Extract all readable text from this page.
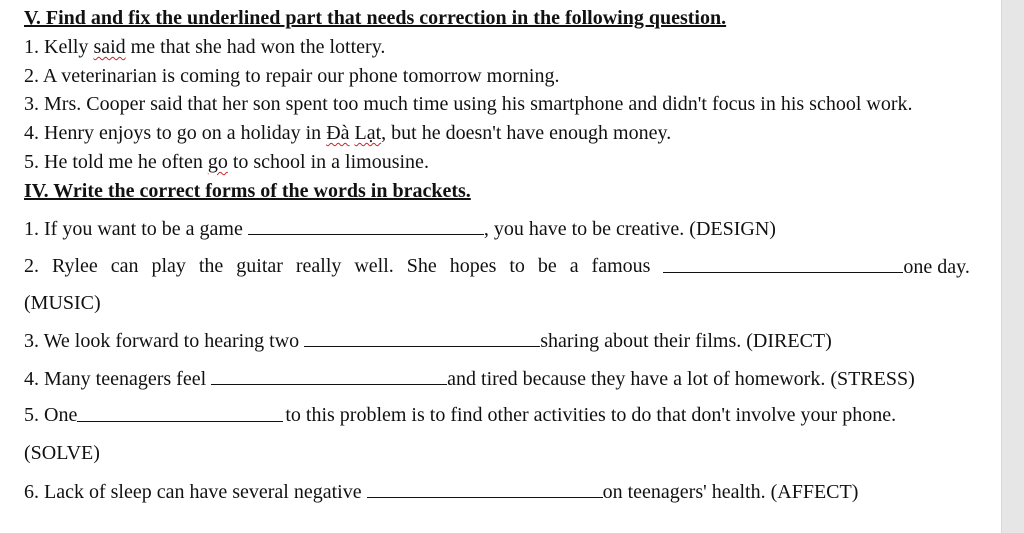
V. Find and fix the underlined part that needs correction in the following question.
1. Kelly said me that she had won the lottery.
2. A veterinarian is coming to repair our phone tomorrow morning.
3. Mrs. Cooper said that her son spent too much time using his smartphone and didn't focus in his school work.
4. Henry enjoys to go on a holiday in Đà Lạt, but he doesn't have enough money.
5. He told me he often go to school in a limousine.
IV. Write the correct forms of the words in brackets.
1. If you want to be a game	, you have to be creative. (DESIGN)
2. Rylee can play the guitar really well. She hopes to be a famous	one day.
(MUSIC)
3. We look forward to hearing two	sharing about their films. (DIRECT)
4. Many teenagers feel	and tired because they have a lot of homework. (STRESS)
5. One	to this problem is to find other activities to do that don't involve your phone.
(SOLVE)
6. Lack of sleep can have several negative	on teenagers' health. (AFFECT)
